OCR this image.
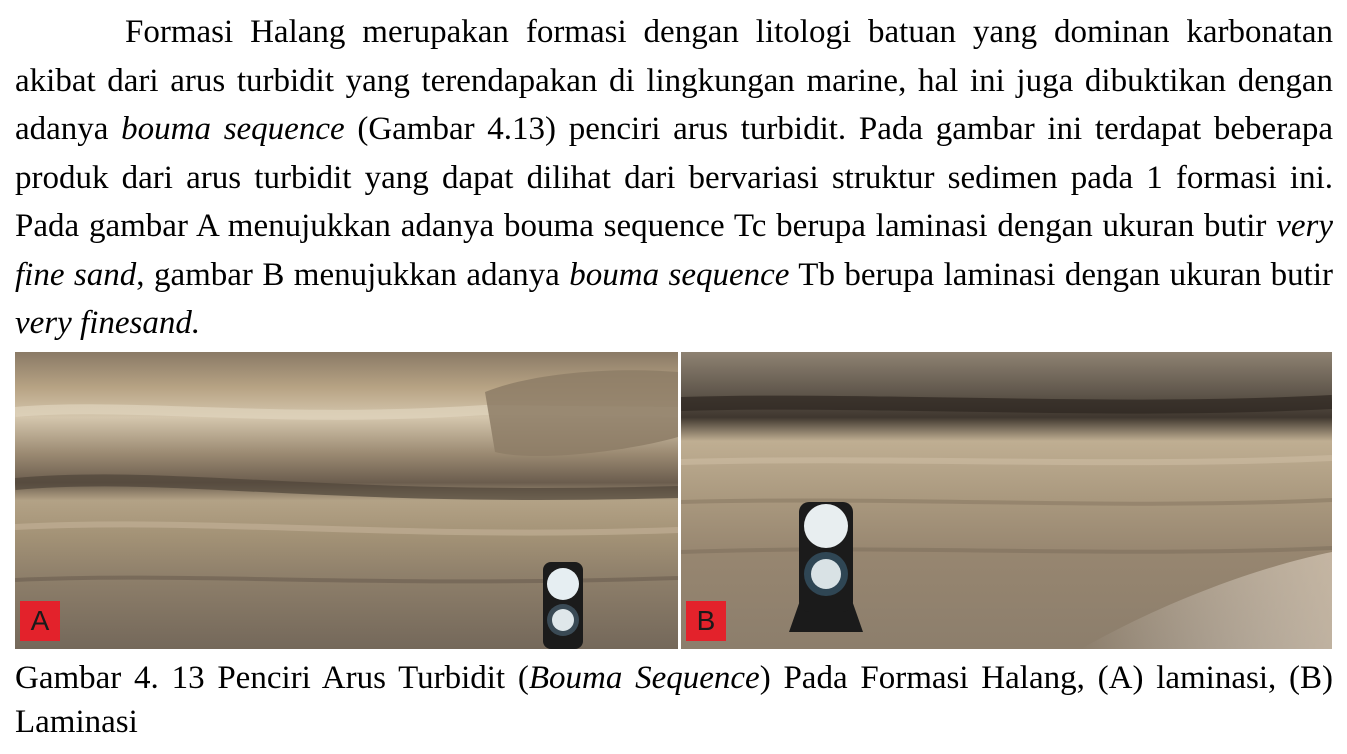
Formasi Halang merupakan formasi dengan litologi batuan yang dominan karbonatan akibat dari arus turbidit yang terendapakan di lingkungan marine, hal ini juga dibuktikan dengan adanya bouma sequence (Gambar 4.13) penciri arus turbidit. Pada gambar ini terdapat beberapa produk dari arus turbidit yang dapat dilihat dari bervariasi struktur sedimen pada 1 formasi ini. Pada gambar A menujukkan adanya bouma sequence Tc berupa laminasi dengan ukuran butir very fine sand, gambar B menujukkan adanya bouma sequence Tb berupa laminasi dengan ukuran butir very finesand.
A	B
Gambar 4. 13 Penciri Arus Turbidit (Bouma Sequence) Pada Formasi Halang, (A) laminasi, (B) Laminasi
